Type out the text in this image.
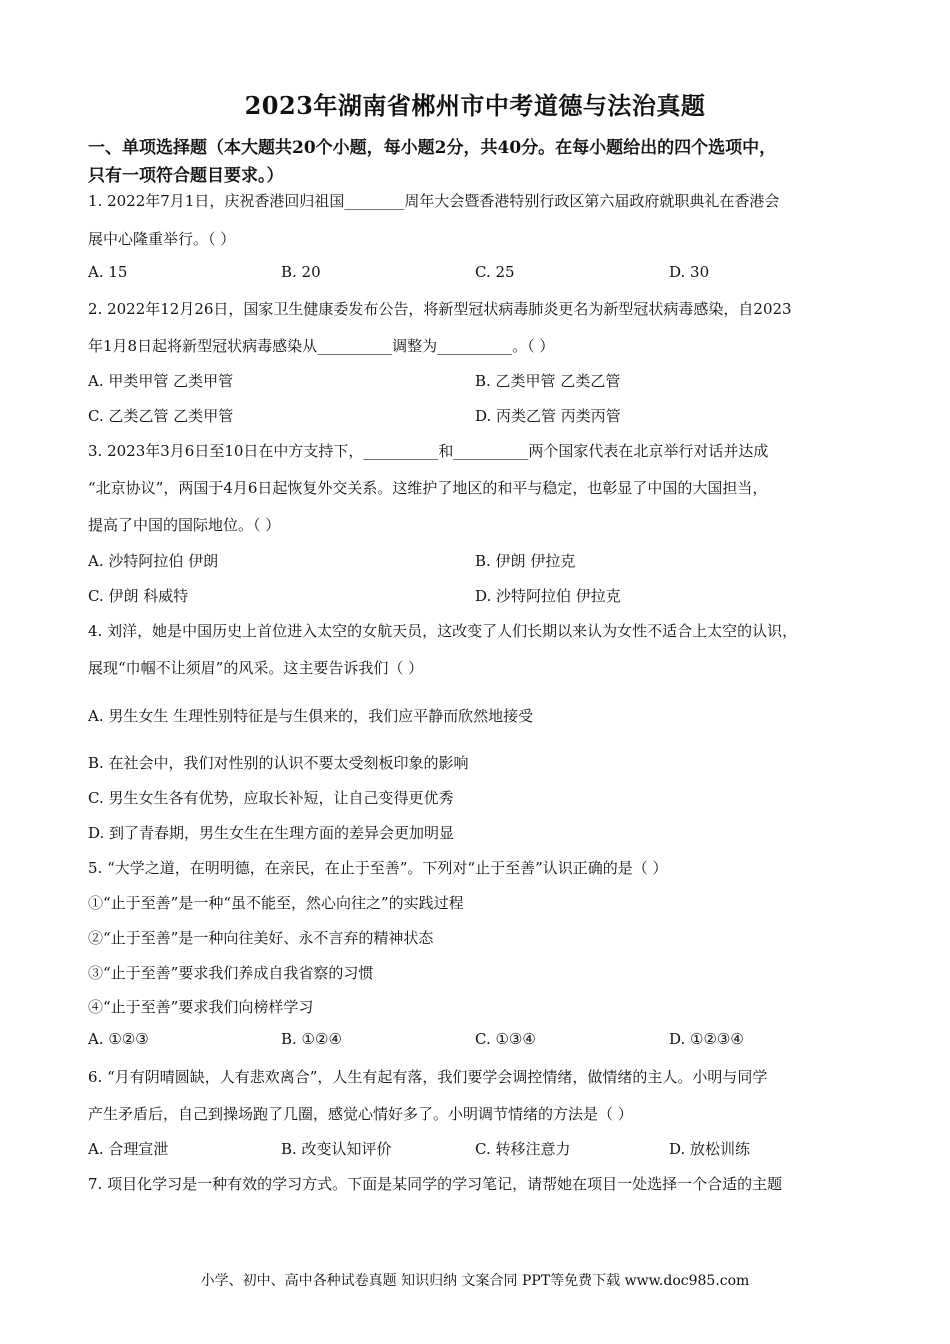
2023年湖南省郴州市中考道德与法治真题
一、单项选择题（本大题共20个小题，每小题2分，共40分。在每小题给出的四个选项中，
只有一项符合题目要求。）
1. 2022年7月1日，庆祝香港回归祖国________周年大会暨香港特别行政区第六届政府就职典礼在香港会
展中心隆重举行。（ ）
A. 15	B. 20	C. 25	D. 30
2. 2022年12月26日，国家卫生健康委发布公告，将新型冠状病毒肺炎更名为新型冠状病毒感染，自2023
年1月8日起将新型冠状病毒感染从__________调整为__________。（ ）
A. 甲类甲管 乙类甲管	B. 乙类甲管 乙类乙管
C. 乙类乙管 乙类甲管	D. 丙类乙管 丙类丙管
3. 2023年3月6日至10日在中方支持下，__________和__________两个国家代表在北京举行对话并达成
“北京协议”，两国于4月6日起恢复外交关系。这维护了地区的和平与稳定，也彰显了中国的大国担当，
提高了中国的国际地位。（ ）
A. 沙特阿拉伯 伊朗	B. 伊朗 伊拉克
C. 伊朗 科威特	D. 沙特阿拉伯 伊拉克
4. 刘洋，她是中国历史上首位进入太空的女航天员，这改变了人们长期以来认为女性不适合上太空的认识，
展现“巾帼不让须眉”的风采。这主要告诉我们（ ）
A. 男生女生 生理性别特征是与生俱来的，我们应平静而欣然地接受
B. 在社会中，我们对性别的认识不要太受刻板印象的影响
C. 男生女生各有优势，应取长补短，让自己变得更优秀
D. 到了青春期，男生女生在生理方面的差异会更加明显
5. “大学之道，在明明德，在亲民，在止于至善”。下列对“止于至善”认识正确的是（ ）
①“止于至善”是一种“虽不能至，然心向往之”的实践过程
②“止于至善”是一种向往美好、永不言弃的精神状态
③“止于至善”要求我们养成自我省察的习惯
④“止于至善”要求我们向榜样学习
A. ①②③	B. ①②④	C. ①③④	D. ①②③④
6. “月有阴晴圆缺，人有悲欢离合”，人生有起有落，我们要学会调控情绪，做情绪的主人。小明与同学
产生矛盾后，自己到操场跑了几圈，感觉心情好多了。小明调节情绪的方法是（ ）
A. 合理宣泄	B. 改变认知评价	C. 转移注意力	D. 放松训练
7. 项目化学习是一种有效的学习方式。下面是某同学的学习笔记，请帮她在项目一处选择一个合适的主题
小学、初中、高中各种试卷真题 知识归纳 文案合同 PPT等免费下载 www.doc985.com
